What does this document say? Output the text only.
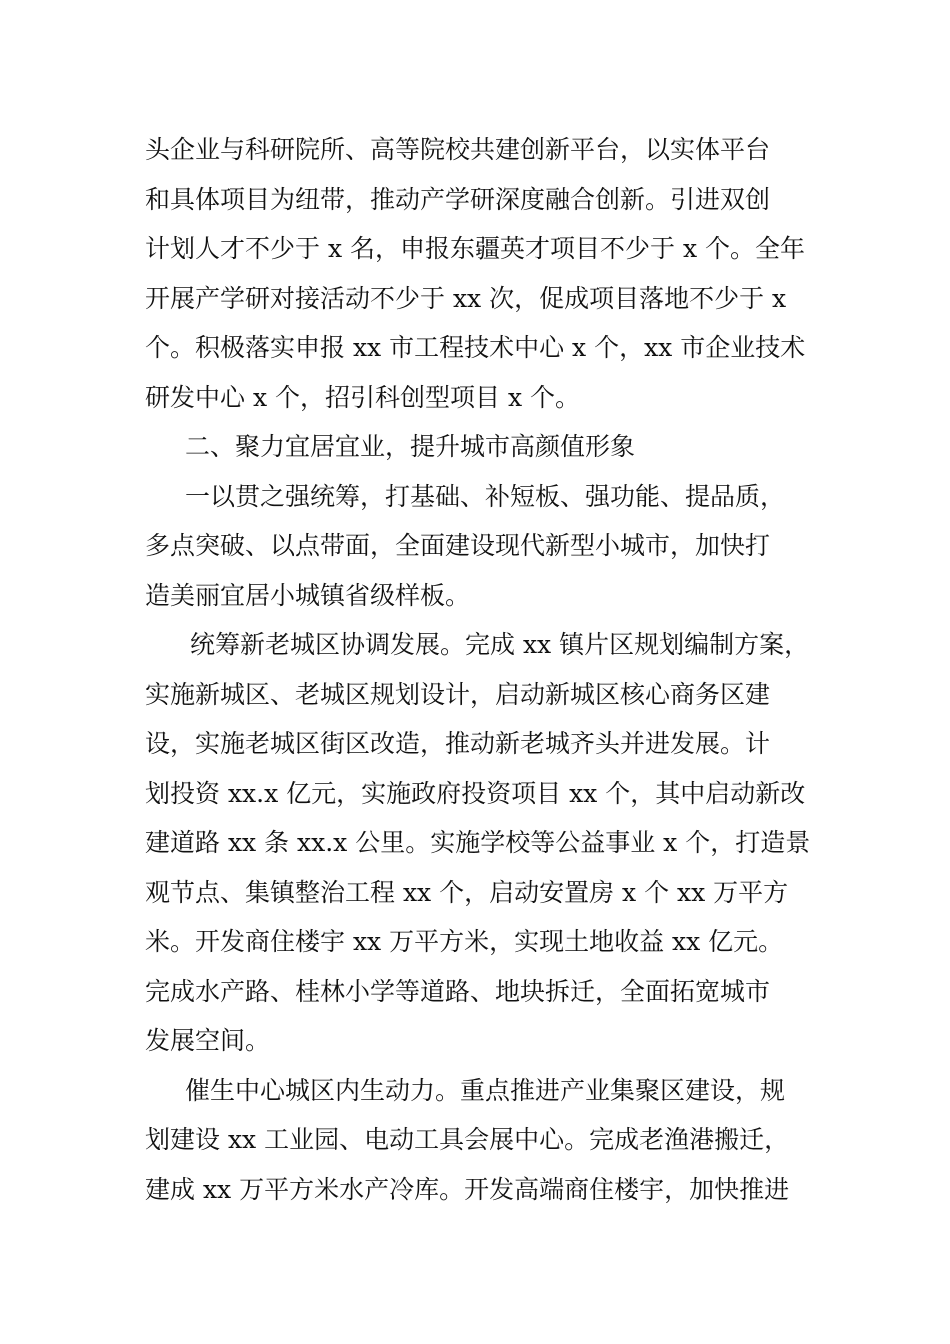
头企业与科研院所、高等院校共建创新平台，以实体平台
和具体项目为纽带，推动产学研深度融合创新。引进双创
计划人才不少于 x 名，申报东疆英才项目不少于 x 个。全年
开展产学研对接活动不少于 xx 次，促成项目落地不少于 x
个。积极落实申报 xx 市工程技术中心 x 个，xx 市企业技术
研发中心 x 个，招引科创型项目 x 个。
二、聚力宜居宜业，提升城市高颜值形象
一以贯之强统筹，打基础、补短板、强功能、提品质，
多点突破、以点带面，全面建设现代新型小城市，加快打
造美丽宜居小城镇省级样板。
统筹新老城区协调发展。完成 xx 镇片区规划编制方案，
实施新城区、老城区规划设计，启动新城区核心商务区建
设，实施老城区街区改造，推动新老城齐头并进发展。计
划投资 xx.x 亿元，实施政府投资项目 xx 个，其中启动新改
建道路 xx 条 xx.x 公里。实施学校等公益事业 x 个，打造景
观节点、集镇整治工程 xx 个，启动安置房 x 个 xx 万平方
米。开发商住楼宇 xx 万平方米，实现土地收益 xx 亿元。
完成水产路、桂林小学等道路、地块拆迁，全面拓宽城市
发展空间。
催生中心城区内生动力。重点推进产业集聚区建设，规
划建设 xx 工业园、电动工具会展中心。完成老渔港搬迁，
建成 xx 万平方米水产冷库。开发高端商住楼宇，加快推进
